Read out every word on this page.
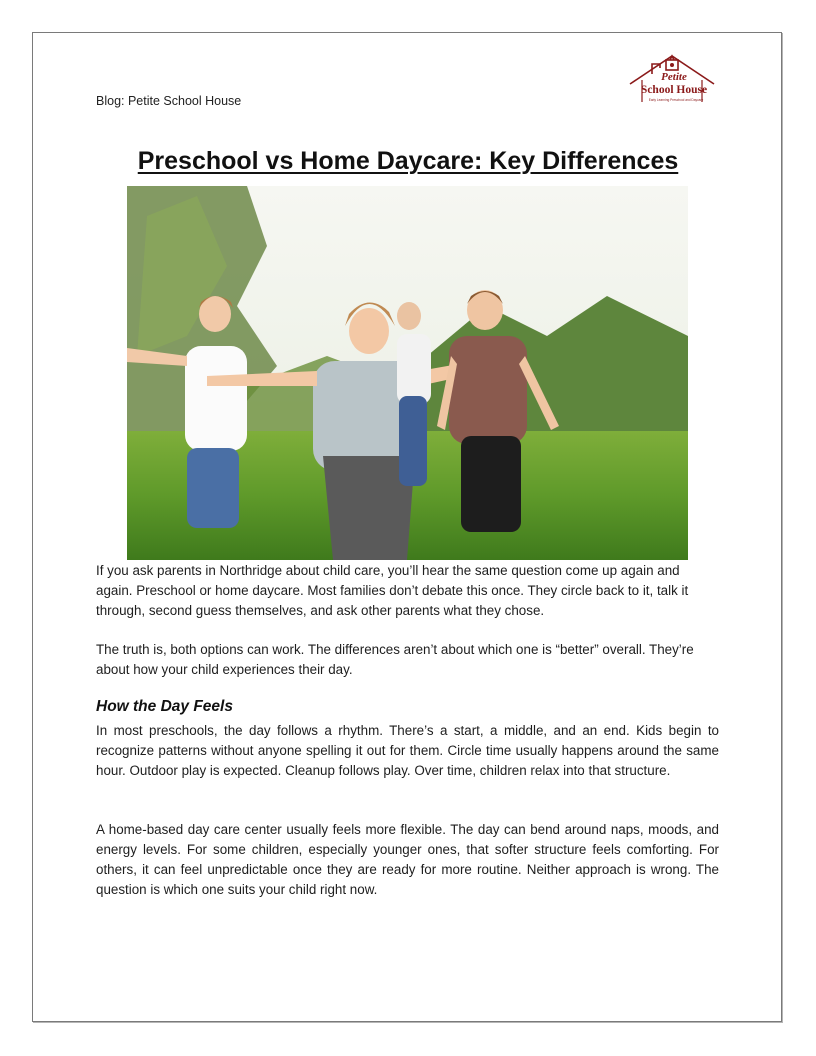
Blog: Petite School House
Petite
School House
Early Learning Preschool and Daycare
Preschool vs Home Daycare: Key Differences

If you ask parents in Northridge about child care, you’ll hear the same question come up again and again. Preschool or home daycare. Most families don’t debate this once. They circle back to it, talk it through, second guess themselves, and ask other parents what they chose.

The truth is, both options can work. The differences aren’t about which one is “better” overall. They’re about how your child experiences their day.

How the Day Feels

In most preschools, the day follows a rhythm. There’s a start, a middle, and an end. Kids begin to recognize patterns without anyone spelling it out for them. Circle time usually happens around the same hour. Outdoor play is expected. Cleanup follows play. Over time, children relax into that structure.

A home-based day care center usually feels more flexible. The day can bend around naps, moods, and energy levels. For some children, especially younger ones, that softer structure feels comforting. For others, it can feel unpredictable once they are ready for more routine. Neither approach is wrong. The question is which one suits your child right now.
